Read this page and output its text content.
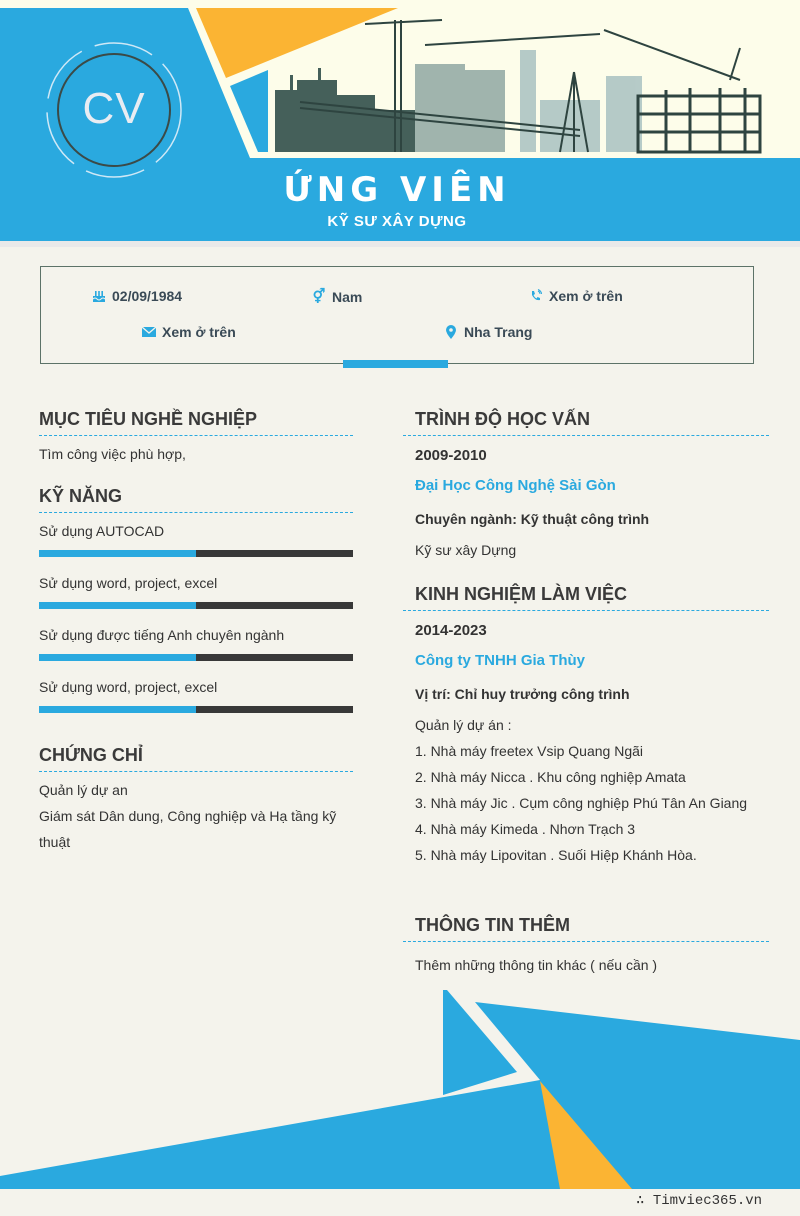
CV
ỨNG VIÊN
KỸ SƯ XÂY DỰNG
02/09/1984	⚥ Nam	Xem ở trên
Xem ở trên	Nha Trang
MỤC TIÊU NGHỀ NGHIỆP
Tìm công việc phù hợp,
KỸ NĂNG
Sử dụng AUTOCAD
Sử dụng word, project, excel
Sử dụng được tiếng Anh chuyên ngành
Sử dụng word, project, excel
CHỨNG CHỈ
Quản lý dự an
Giám sát Dân dung, Công nghiệp và Hạ tầng kỹ
thuật
TRÌNH ĐỘ HỌC VẤN
2009-2010
Đại Học Công Nghệ Sài Gòn
Chuyên ngành: Kỹ thuật công trình
Kỹ sư xây Dựng
KINH NGHIỆM LÀM VIỆC
2014-2023
Công ty TNHH Gia Thùy
Vị trí: Chỉ huy trưởng công trình
Quản lý dự án :
1. Nhà máy freetex Vsip Quang Ngãi
2. Nhà máy Nicca . Khu công nghiệp Amata
3. Nhà máy Jic . Cụm công nghiệp Phú Tân An Giang
4. Nhà máy Kimeda . Nhơn Trạch 3
5. Nhà máy Lipovitan . Suối Hiệp Khánh Hòa.
THÔNG TIN THÊM
Thêm những thông tin khác ( nếu cần )
∴ Timviec365.vn
